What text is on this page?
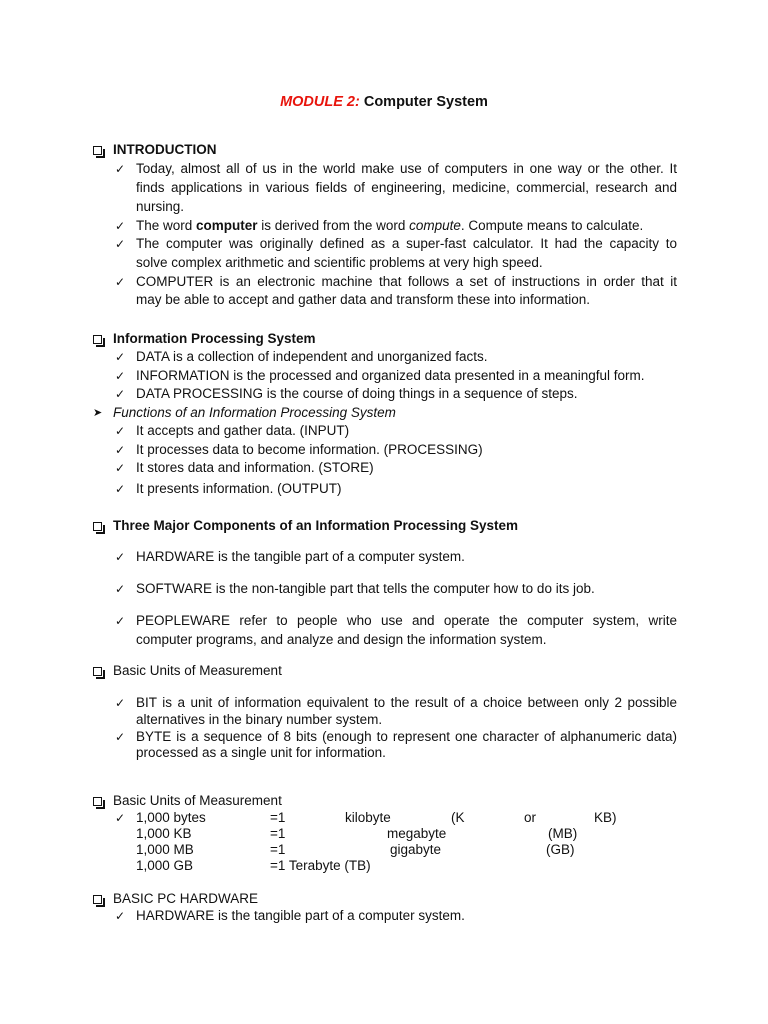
MODULE 2: Computer System
INTRODUCTION
✓ Today, almost all of us in the world make use of computers in one way or the other. It
finds applications in various fields of engineering, medicine, commercial, research and
nursing.
✓ The word computer is derived from the word compute. Compute means to calculate.
✓ The computer was originally defined as a super-fast calculator. It had the capacity to
solve complex arithmetic and scientific problems at very high speed.
✓ COMPUTER is an electronic machine that follows a set of instructions in order that it
may be able to accept and gather data and transform these into information.
Information Processing System
✓ DATA is a collection of independent and unorganized facts.
✓ INFORMATION is the processed and organized data presented in a meaningful form.
✓ DATA PROCESSING is the course of doing things in a sequence of steps.
➤ Functions of an Information Processing System
✓ It accepts and gather data. (INPUT)
✓ It processes data to become information. (PROCESSING)
✓ It stores data and information. (STORE)
✓ It presents information. (OUTPUT)
Three Major Components of an Information Processing System
✓ HARDWARE is the tangible part of a computer system.
✓ SOFTWARE is the non-tangible part that tells the computer how to do its job.
✓ PEOPLEWARE refer to people who use and operate the computer system, write
computer programs, and analyze and design the information system.
Basic Units of Measurement
✓ BIT is a unit of information equivalent to the result of a choice between only 2 possible
alternatives in the binary number system.
✓ BYTE is a sequence of 8 bits (enough to represent one character of alphanumeric data)
processed as a single unit for information.
Basic Units of Measurement
✓ 1,000 bytes	=1	kilobyte	(K	or	KB)
1,000 KB	=1	megabyte	(MB)
1,000 MB	=1	gigabyte	(GB)
1,000 GB	=1 Terabyte (TB)
BASIC PC HARDWARE
✓ HARDWARE is the tangible part of a computer system.
